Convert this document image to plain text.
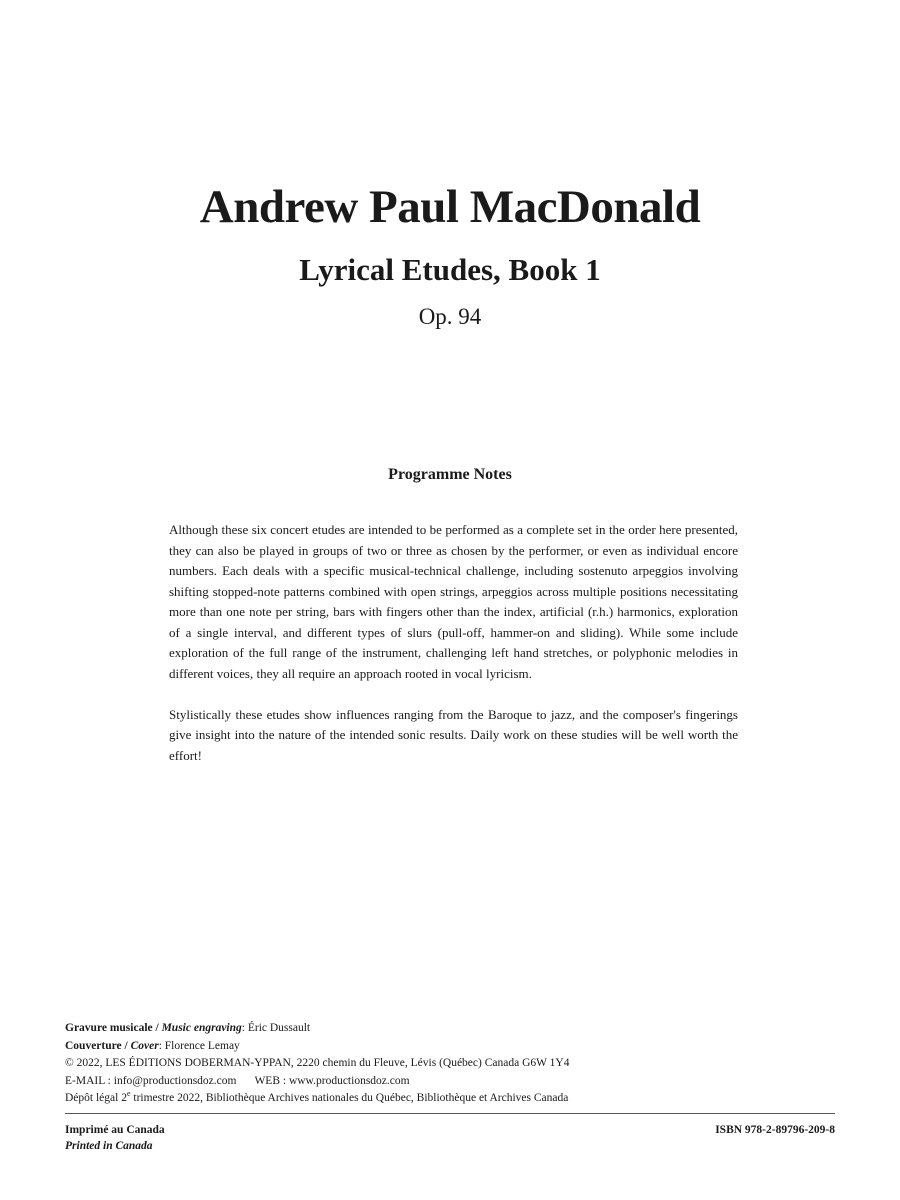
Andrew Paul MacDonald
Lyrical Etudes, Book 1
Op. 94
Programme Notes

Although these six concert etudes are intended to be performed as a complete set in the order here presented, they can also be played in groups of two or three as chosen by the performer, or even as individual encore numbers. Each deals with a specific musical-technical challenge, including sostenuto arpeggios involving shifting stopped-note patterns combined with open strings, arpeggios across multiple positions necessitating more than one note per string, bars with fingers other than the index, artificial (r.h.) harmonics, exploration of a single interval, and different types of slurs (pull-off, hammer-on and sliding). While some include exploration of the full range of the instrument, challenging left hand stretches, or polyphonic melodies in different voices, they all require an approach rooted in vocal lyricism.

Stylistically these etudes show influences ranging from the Baroque to jazz, and the composer's fingerings give insight into the nature of the intended sonic results. Daily work on these studies will be well worth the effort!

Gravure musicale / Music engraving: Éric Dussault
Couverture / Cover: Florence Lemay
© 2022, LES ÉDITIONS DOBERMAN-YPPAN, 2220 chemin du Fleuve, Lévis (Québec) Canada G6W 1Y4
E-MAIL : info@productionsdoz.com WEB : www.productionsdoz.com
Dépôt légal 2e trimestre 2022, Bibliothèque Archives nationales du Québec, Bibliothèque et Archives Canada
Imprimé au Canada
Printed in Canada
ISBN 978-2-89796-209-8
